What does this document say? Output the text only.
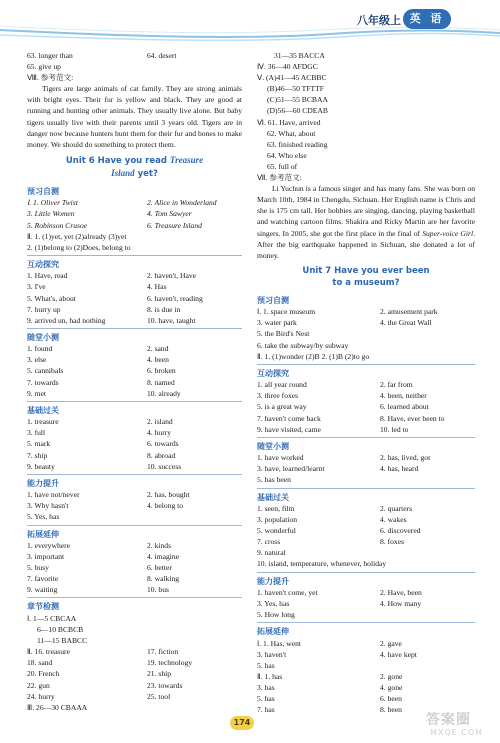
八年级上 英 语
63. longer than	64. desert
65. give up
Ⅷ. 参考范文:
Tigers are large animals of cat family. They are strong animals with bright eyes. Their fur is yellow and black. They are good at running and hunting other animals. They usually live alone. But baby tigers usually live with their parents until 3 years old. Tigers are in danger now because hunters hunt them for their fur and bones to make money. We should do something to protect them.
Unit 6 Have you read Treasure
Island yet?
预习自测
Ⅰ. 1. Oliver Twist	2. Alice in Wonderland
3. Little Women	4. Tom Sawyer
5. Robinson Crusoe	6. Treasure Island
Ⅱ. 1. (1)yet, yet (2)already (3)yet
2. (1)belong to (2)Does, belong to
互动探究
1. Have, read	2. haven't, Have
3. I've	4. Has
5. What's, about	6. haven't, reading
7. hurry up	8. is due in
9. arrived un, had nothing	10. have, taught
随堂小测
1. found	2. sand
3. else	4. been
5. cannibals	6. broken
7. towards	8. named
9. met	10. already
基础过关
1. treasure	2. island
3. full	4. hurry
5. mark	6. towards
7. ship	8. abroad
9. beauty	10. success
能力提升
1. have not/never	2. has, bought
3. Why hasn't	4. belong to
5. Yes, has
拓展延伸
1. everywhere	2. kinds
3. important	4. imagine
5. busy	6. better
7. favorite	8. walking
9. waiting	10. bus
章节检测
Ⅰ. 1—5 CBCAA
6—10 BCBCB
11—15 BABCC
Ⅱ. 16. treasure	17. fiction
18. sand	19. technology
20. French	21. ship
22. gun	23. towards
24. hurry	25. tool
Ⅲ. 26—30 CBAAA
31—35 BACCA
Ⅳ. 36—40 AFDGC
Ⅴ. (A)41—45 ACBBC
(B)46—50 TFTTF
(C)51—55 BCBAA
(D)56—60 CDEAB
Ⅵ. 61. Have, arrived
62. What, about
63. finished reading
64. Who else
65. full of
Ⅶ. 参考范文:
Li Yuchun is a famous singer and has many fans. She was born on March 10th, 1984 in Chengdu, Sichuan. Her English name is Chris and she is 175 cm tall. Her hobbies are singing, dancing, playing basketball and watching cartoon films. Shakira and Ricky Martin are her favorite singers. In 2005, she got the first place in the final of Super-voice Girl. After the big earthquake happened in Sichuan, she donated a lot of money.
Unit 7 Have you ever been
to a museum?
预习自测
Ⅰ. 1. space museum	2. amusement park
3. water park	4. the Great Wall
5. the Bird's Nest
6. take the subway/by subway
Ⅱ. 1. (1)wonder (2)B 2. (1)B (2)to go
互动探究
1. all year round	2. far from
3. three foxes	4. been, neither
5. is a great way	6. learned about
7. haven't come back	8. Have, ever been to
9. have visited, came	10. led to
随堂小测
1. have worked	2. has, lived, got
3. have, learned/learnt	4. has, heard
5. has been
基础过关
1. seen, film	2. quarters
3. population	4. wakes
5. wonderful	6. discovered
7. cross	8. foxes
9. natural
10. island, temperature, whenever, holiday
能力提升
1. haven't come, yet	2. Have, been
3. Yes, has	4. How many
5. How long
拓展延伸
Ⅰ. 1. Has, went	2. gave
3. haven't	4. have kept
5. has
Ⅱ. 1. has	2. gone
3. has	4. gone
5. has	6. been
7. has	8. been
174	答案圈
MXQE.COM
